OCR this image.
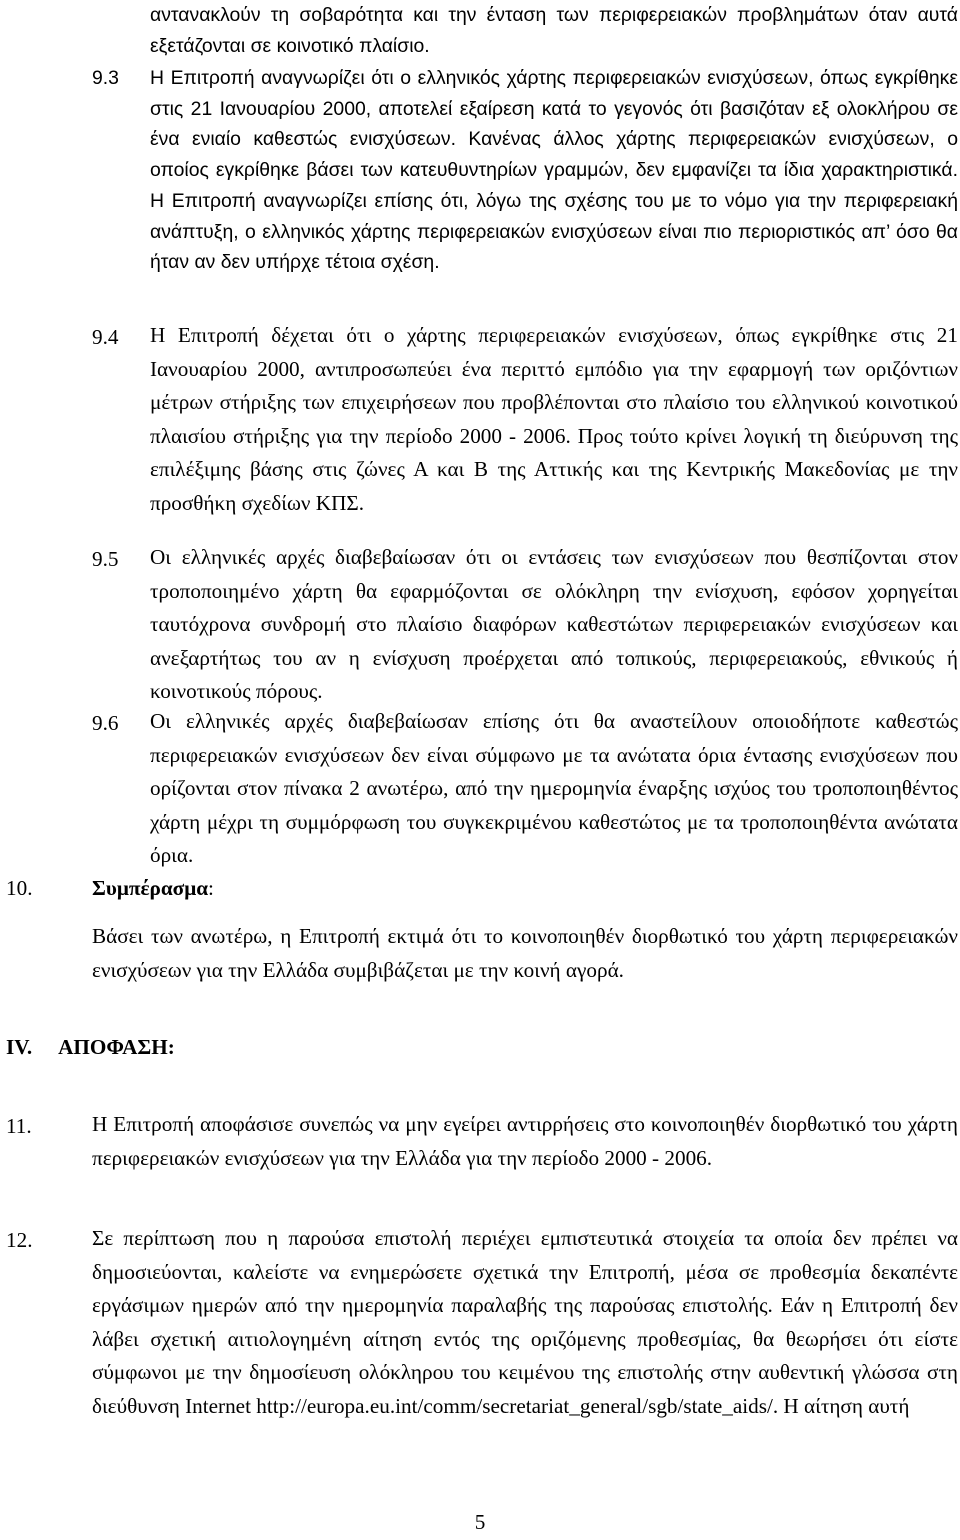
αντανακλούν τη σοβαρότητα και την ένταση των περιφερειακών προβλημάτων όταν αυτά εξετάζονται σε κοινοτικό πλαίσιο.

9.3 Η Επιτροπή αναγνωρίζει ότι ο ελληνικός χάρτης περιφερειακών ενισχύσεων, όπως εγκρίθηκε στις 21 Ιανουαρίου 2000, αποτελεί εξαίρεση κατά το γεγονός ότι βασιζόταν εξ ολοκλήρου σε ένα ενιαίο καθεστώς ενισχύσεων. Κανένας άλλος χάρτης περιφερειακών ενισχύσεων, ο οποίος εγκρίθηκε βάσει των κατευθυντηρίων γραμμών, δεν εμφανίζει τα ίδια χαρακτηριστικά. Η Επιτροπή αναγνωρίζει επίσης ότι, λόγω της σχέσης του με το νόμο για την περιφερειακή ανάπτυξη, ο ελληνικός χάρτης περιφερειακών ενισχύσεων είναι πιο περιοριστικός απ’ όσο θα ήταν αν δεν υπήρχε τέτοια σχέση.

9.4 Η Επιτροπή δέχεται ότι ο χάρτης περιφερειακών ενισχύσεων, όπως εγκρίθηκε στις 21 Ιανουαρίου 2000, αντιπροσωπεύει ένα περιττό εμπόδιο για την εφαρμογή των οριζόντιων μέτρων στήριξης των επιχειρήσεων που προβλέπονται στο πλαίσιο του ελληνικού κοινοτικού πλαισίου στήριξης για την περίοδο 2000 - 2006. Προς τούτο κρίνει λογική τη διεύρυνση της επιλέξιμης βάσης στις ζώνες Α και Β της Αττικής και της Κεντρικής Μακεδονίας με την προσθήκη σχεδίων ΚΠΣ.

9.5 Οι ελληνικές αρχές διαβεβαίωσαν ότι οι εντάσεις των ενισχύσεων που θεσπίζονται στον τροποποιημένο χάρτη θα εφαρμόζονται σε ολόκληρη την ενίσχυση, εφόσον χορηγείται ταυτόχρονα συνδρομή στο πλαίσιο διαφόρων καθεστώτων περιφερειακών ενισχύσεων και ανεξαρτήτως του αν η ενίσχυση προέρχεται από τοπικούς, περιφερειακούς, εθνικούς ή κοινοτικούς πόρους.

9.6 Οι ελληνικές αρχές διαβεβαίωσαν επίσης ότι θα αναστείλουν οποιοδήποτε καθεστώς περιφερειακών ενισχύσεων δεν είναι σύμφωνο με τα ανώτατα όρια έντασης ενισχύσεων που ορίζονται στον πίνακα 2 ανωτέρω, από την ημερομηνία έναρξης ισχύος του τροποποιηθέντος χάρτη μέχρι τη συμμόρφωση του συγκεκριμένου καθεστώτος με τα τροποποιηθέντα ανώτατα όρια.

10.	Συμπέρασμα:

Βάσει των ανωτέρω, η Επιτροπή εκτιμά ότι το κοινοποιηθέν διορθωτικό του χάρτη περιφερειακών ενισχύσεων για την Ελλάδα συμβιβάζεται με την κοινή αγορά.

IV. ΑΠΟΦΑΣΗ:
11.	Η Επιτροπή αποφάσισε συνεπώς να μην εγείρει αντιρρήσεις στο κοινοποιηθέν διορθωτικό του χάρτη περιφερειακών ενισχύσεων για την Ελλάδα για την περίοδο 2000 - 2006.

12.	Σε περίπτωση που η παρούσα επιστολή περιέχει εμπιστευτικά στοιχεία τα οποία δεν πρέπει να δημοσιεύονται, καλείστε να ενημερώσετε σχετικά την Επιτροπή, μέσα σε προθεσμία δεκαπέντε εργάσιμων ημερών από την ημερομηνία παραλαβής της παρούσας επιστολής. Εάν η Επιτροπή δεν λάβει σχετική αιτιολογημένη αίτηση εντός της οριζόμενης προθεσμίας, θα θεωρήσει ότι είστε σύμφωνοι με την δημοσίευση ολόκληρου του κειμένου της επιστολής στην αυθεντική γλώσσα στη διεύθυνση Internet http://europa.eu.int/comm/secretariat_general/sgb/state_aids/. Η αίτηση αυτή

5
